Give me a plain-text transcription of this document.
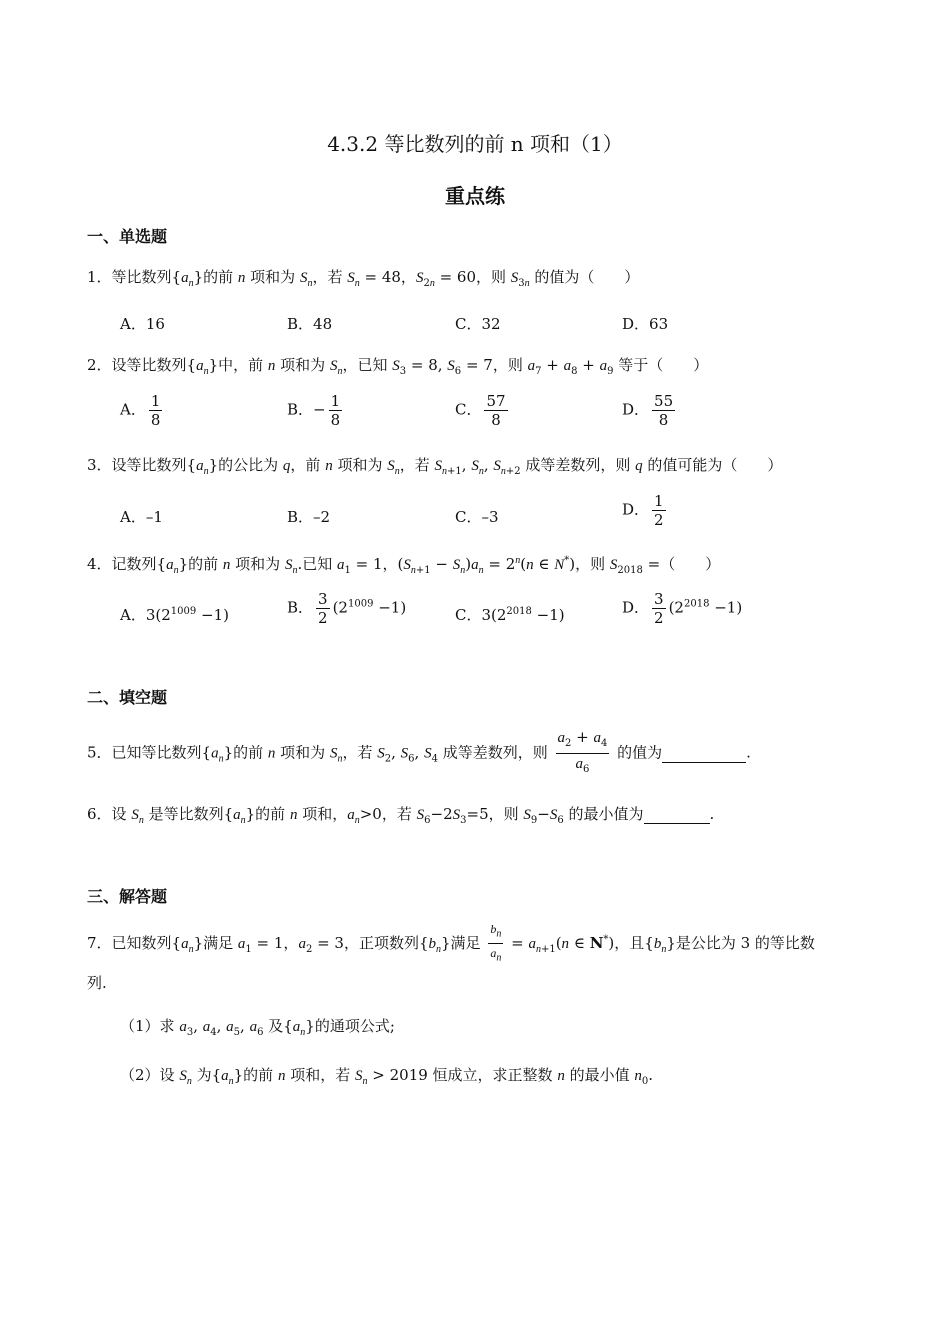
4.3.2 等比数列的前 n 项和（1）
重点练
一、单选题
1．等比数列$\{a_n\}$的前 n 项和为 $S_n$，若 $S_n = 48$，$S_{2n} = 60$，则 $S_{3n}$ 的值为（　　）
A．16	B．48	C．32	D．63
2．设等比数列$\{a_n\}$中，前 n 项和为 $S_n$，已知 $S_3 = 8$, $S_6 = 7$，则 $a_7 + a_8 + a_9$ 等于（　　）
A． $\frac{1}{8}$	B．− $\frac{1}{8}$	C． $\frac{57}{8}$	D． $\frac{55}{8}$
3．设等比数列$\{a_n\}$的公比为 q，前 n 项和为 $S_n$，若 $S_{n+1}$, $S_n$, $S_{n+2}$ 成等差数列，则 q 的值可能为（　　）
A．–1	B．–2	C．–3	D． $\frac{1}{2}$
4．记数列$\{a_n\}$的前 n 项和为 $S_n$.已知 $a_1 = 1$，$(S_{n+1} - S_n)a_n = 2^n(n$ ∈ N*)，则 $S_{2018}$ =（　　）
A．$3(2^{1009} -1)$	B． $\frac{3}{2} (2^{1009} -1)$	C．$3(2^{2018} -1)$	D． $\frac{3}{2} (2^{2018} -1)$
二、填空题
5．已知等比数列$\{a_n\}$的前 n 项和为 $S_n$，若 $S_2$, $S_6$, $S_4$ 成等差数列，则 $\frac{a_2 + a_4}{a_6}$ 的值为	.
6．设 $S_n$ 是等比数列$\{a_n\}$的前 n 项和，$a_n>0$，若 $S_6-2S_3=5$，则 $S_9-S_6$ 的最小值为	.
三、解答题
7．已知数列$\{a_n\}$满足 $a_1 = 1$，$a_2 = 3$，正项数列$\{b_n\}$满足 $\frac{b_n}{a_n} = a_{n+1}(n$ ∈ N*)，且$\{b_n\}$是公比为 3 的等比数
列.
（1）求 $a_3$, $a_4$, $a_5$, $a_6$ 及$\{a_n\}$的通项公式;
（2）设 $S_n$ 为$\{a_n\}$的前 n 项和，若 $S_n > 2019$ 恒成立，求正整数 n 的最小值 $n_0$.
